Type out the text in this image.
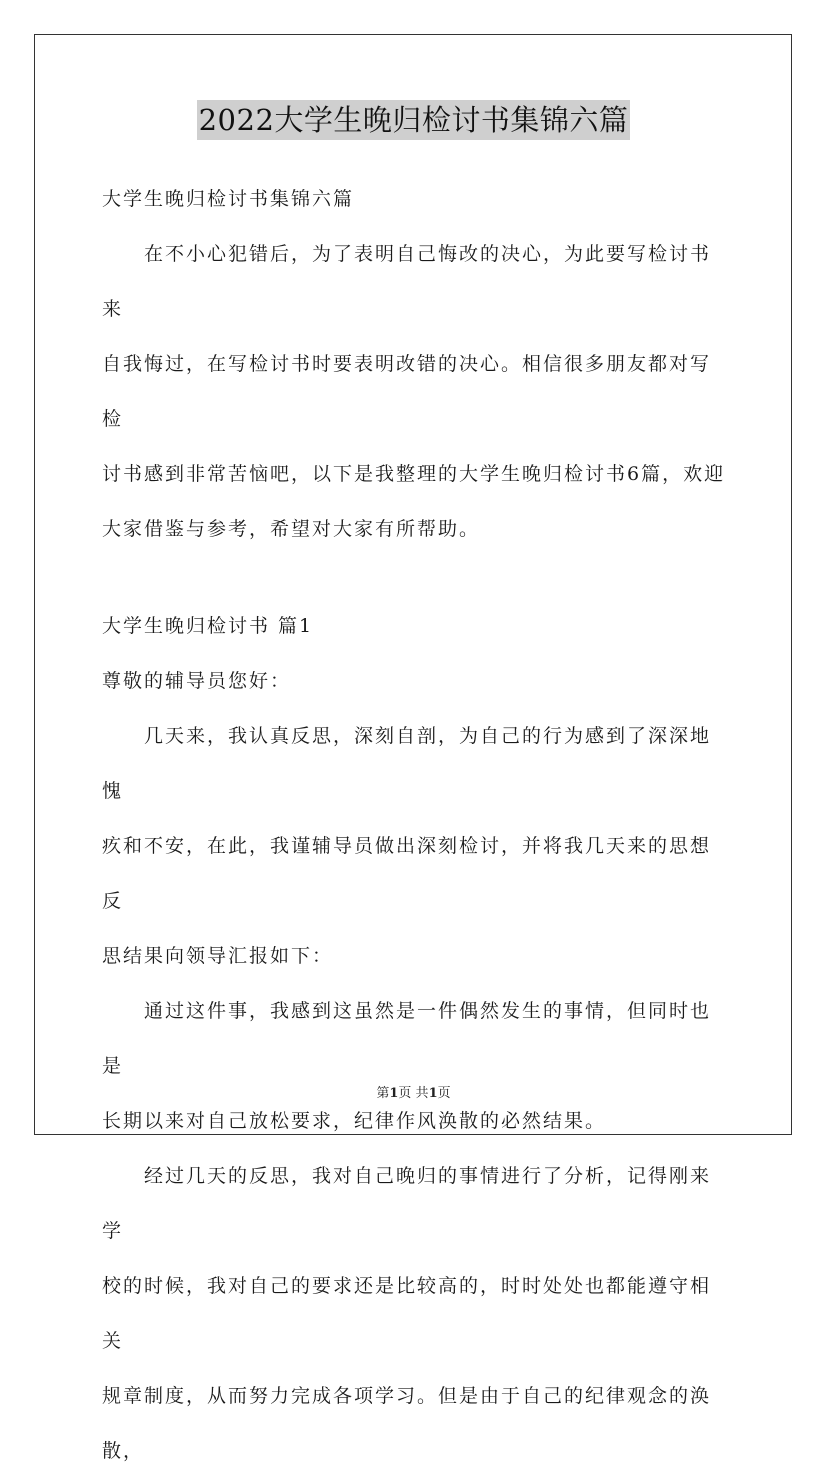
2022大学生晚归检讨书集锦六篇

大学生晚归检讨书集锦六篇

在不小心犯错后，为了表明自己悔改的决心，为此要写检讨书来

自我悔过，在写检讨书时要表明改错的决心。相信很多朋友都对写检

讨书感到非常苦恼吧，以下是我整理的大学生晚归检讨书6篇，欢迎

大家借鉴与参考，希望对大家有所帮助。

大学生晚归检讨书 篇1

尊敬的辅导员您好：

几天来，我认真反思，深刻自剖，为自己的行为感到了深深地愧

疚和不安，在此，我谨辅导员做出深刻检讨，并将我几天来的思想反

思结果向领导汇报如下：

通过这件事，我感到这虽然是一件偶然发生的事情，但同时也是

长期以来对自己放松要求，纪律作风涣散的必然结果。

经过几天的反思，我对自己晚归的事情进行了分析，记得刚来学

校的时候，我对自己的要求还是比较高的，时时处处也都能遵守相关

规章制度，从而努力完成各项学习。但是由于自己的纪律观念的涣散，

第1页 共1页
